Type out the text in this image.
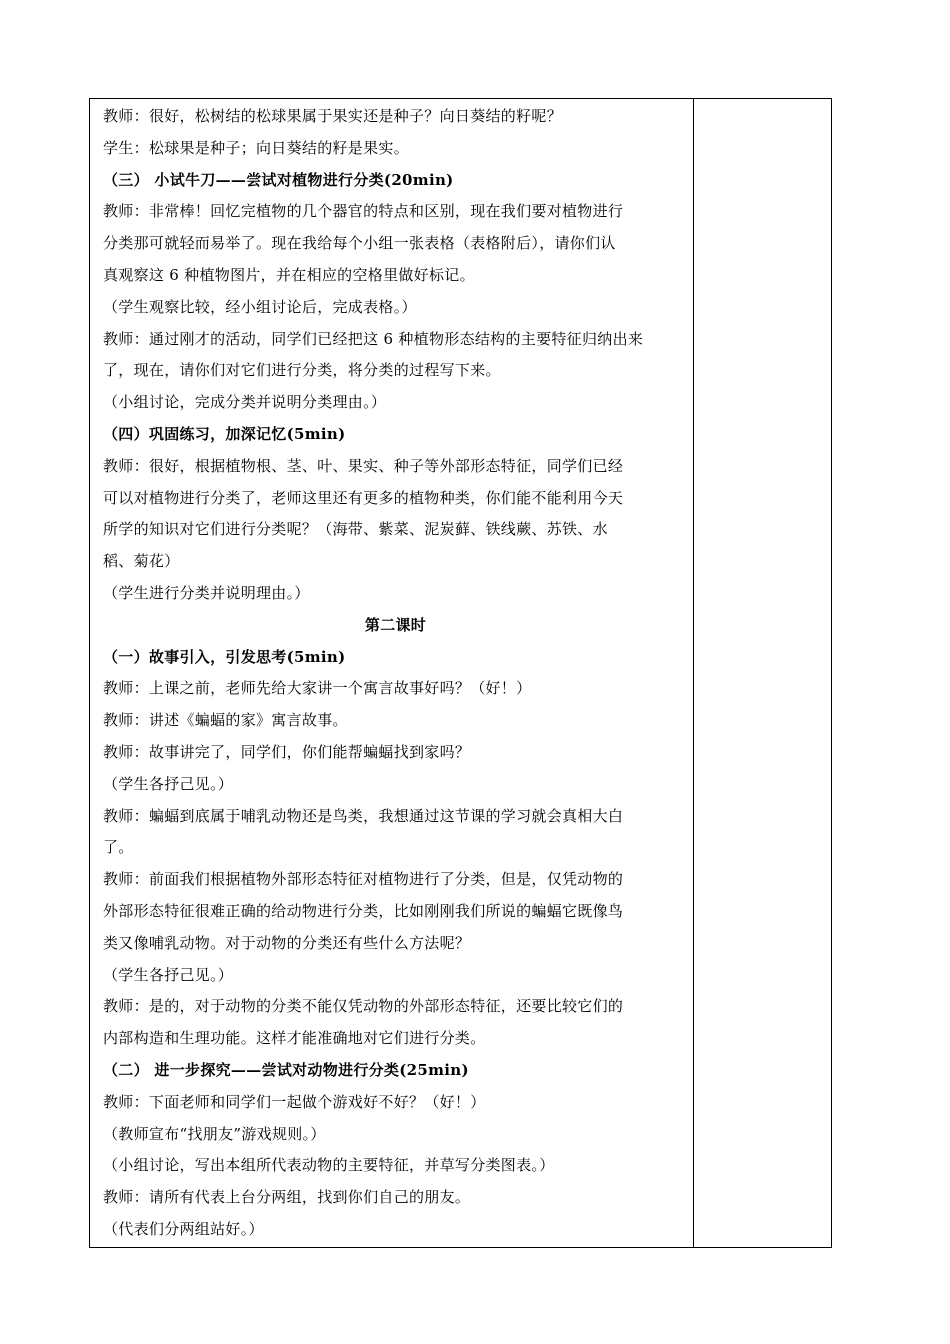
教师：很好，松树结的松球果属于果实还是种子？向日葵结的籽呢？
学生：松球果是种子；向日葵结的籽是果实。
（三） 小试牛刀——尝试对植物进行分类(20min)
教师：非常棒！回忆完植物的几个器官的特点和区别，现在我们要对植物进行
分类那可就轻而易举了。现在我给每个小组一张表格（表格附后），请你们认
真观察这 6 种植物图片，并在相应的空格里做好标记。
（学生观察比较，经小组讨论后，完成表格。）
教师：通过刚才的活动，同学们已经把这 6 种植物形态结构的主要特征归纳出来
了，现在，请你们对它们进行分类，将分类的过程写下来。
（小组讨论，完成分类并说明分类理由。）
（四）巩固练习，加深记忆(5min)
教师：很好，根据植物根、茎、叶、果实、种子等外部形态特征，同学们已经
可以对植物进行分类了，老师这里还有更多的植物种类，你们能不能利用今天
所学的知识对它们进行分类呢？（海带、紫菜、泥炭藓、铁线蕨、苏铁、水
稻、菊花）
（学生进行分类并说明理由。）
第二课时
（一）故事引入，引发思考(5min)
教师：上课之前，老师先给大家讲一个寓言故事好吗？（好！）
教师：讲述《蝙蝠的家》寓言故事。
教师：故事讲完了，同学们，你们能帮蝙蝠找到家吗？
（学生各抒己见。）
教师：蝙蝠到底属于哺乳动物还是鸟类，我想通过这节课的学习就会真相大白
了。
教师：前面我们根据植物外部形态特征对植物进行了分类，但是，仅凭动物的
外部形态特征很难正确的给动物进行分类，比如刚刚我们所说的蝙蝠它既像鸟
类又像哺乳动物。对于动物的分类还有些什么方法呢？
（学生各抒己见。）
教师：是的，对于动物的分类不能仅凭动物的外部形态特征，还要比较它们的
内部构造和生理功能。这样才能准确地对它们进行分类。
（二） 进一步探究——尝试对动物进行分类(25min)
教师：下面老师和同学们一起做个游戏好不好？（好！）
（教师宣布“找朋友”游戏规则。）
（小组讨论，写出本组所代表动物的主要特征，并草写分类图表。）
教师：请所有代表上台分两组，找到你们自己的朋友。
（代表们分两组站好。）
